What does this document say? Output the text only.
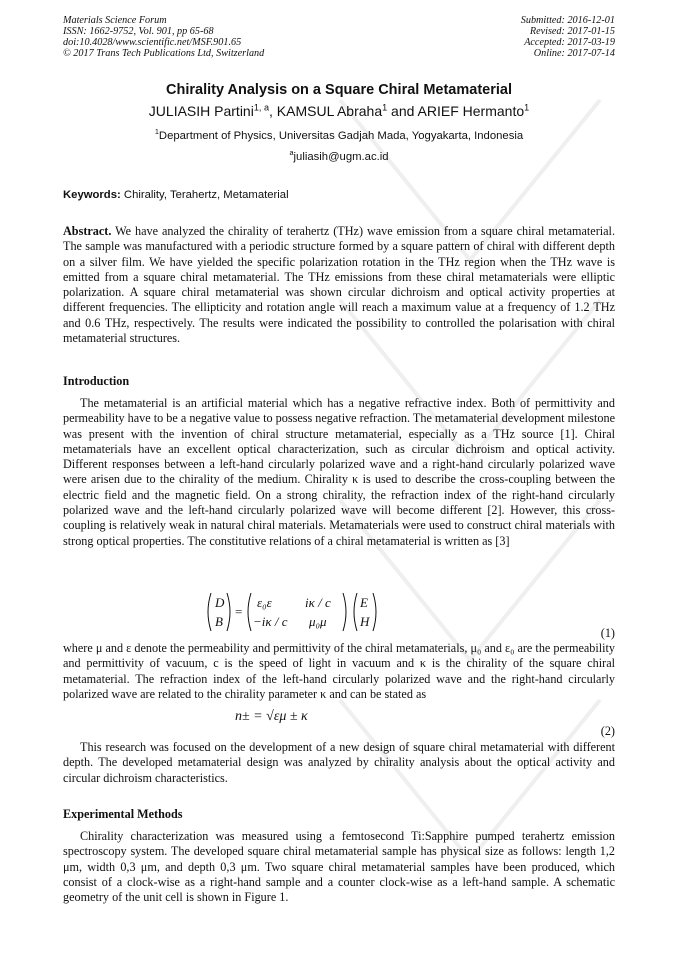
Materials Science Forum
ISSN: 1662-9752, Vol. 901, pp 65-68
doi:10.4028/www.scientific.net/MSF.901.65
© 2017 Trans Tech Publications Ltd, Switzerland
Submitted: 2016-12-01
Revised: 2017-01-15
Accepted: 2017-03-19
Online: 2017-07-14
Chirality Analysis on a Square Chiral Metamaterial
JULIASIH Partini$^{1, a}$, KAMSUL Abraha$^1$ and ARIEF Hermanto$^1$
$^1$Department of Physics, Universitas Gadjah Mada, Yogyakarta, Indonesia
$^a$juliasih@ugm.ac.id
Keywords: Chirality, Terahertz, Metamaterial
Abstract. We have analyzed the chirality of terahertz (THz) wave emission from a square chiral metamaterial. The sample was manufactured with a periodic structure formed by a square pattern of chiral with different depth on a silver film. We have yielded the specific polarization rotation in the THz region when the THz wave is emitted from a square chiral metamaterial. The THz emissions from these chiral metamaterials were elliptic polarization. A square chiral metamaterial was shown circular dichroism and optical activity properties at different frequencies. The ellipticity and rotation angle will reach a maximum value at a frequency of 1.2 THz and 0.6 THz, respectively. The results were indicated the possibility to controlled the polarisation with chiral metamaterial structures.
Introduction
The metamaterial is an artificial material which has a negative refractive index. Both of permittivity and permeability have to be a negative value to possess negative refraction. The metamaterial development milestone was present with the invention of chiral structure metamaterial, especially as a THz source [1]. Chiral metamaterials have an excellent optical characterization, such as circular dichroism and optical activity. Different responses between a left-hand circularly polarized wave and a right-hand circularly polarized wave were arisen due to the chirality of the medium. Chirality κ is used to describe the cross-coupling between the electric field and the magnetic field. On a strong chirality, the refraction index of the right-hand circularly polarized wave and the left-hand circularly polarized wave will become different [2]. However, this cross-coupling is relatively weak in natural chiral materials. Metamaterials were used to construct chiral materials with strong optical properties. The constitutive relations of a chiral metamaterial is written as [3]
D
B
=
ε₀ε	iκ / c
−iκ / c μ₀μ
E
H
(1)
where μ and ε denote the permeability and permittivity of the chiral metamaterials, μ₀ and ε₀ are the permeability and permittivity of vacuum, c is the speed of light in vacuum and κ is the chirality of the square chiral metamaterial. The refraction index of the left-hand circularly polarized wave and the right-hand circularly polarized wave are related to the chirality parameter κ and can be stated as
n± = √εμ ± κ
(2)
This research was focused on the development of a new design of square chiral metamaterial with different depth. The developed metamaterial design was analyzed by chirality analysis about the optical activity and circular dichroism characteristics.
Experimental Methods
Chirality characterization was measured using a femtosecond Ti:Sapphire pumped terahertz emission spectroscopy system. The developed square chiral metamaterial sample has physical size as follows: length 1,2 μm, width 0,3 μm, and depth 0,3 μm. Two square chiral metamaterial samples have been produced, which consist of a clock-wise as a right-hand sample and a counter clock-wise as a left-hand sample. A schematic geometry of the unit cell is shown in Figure 1.
